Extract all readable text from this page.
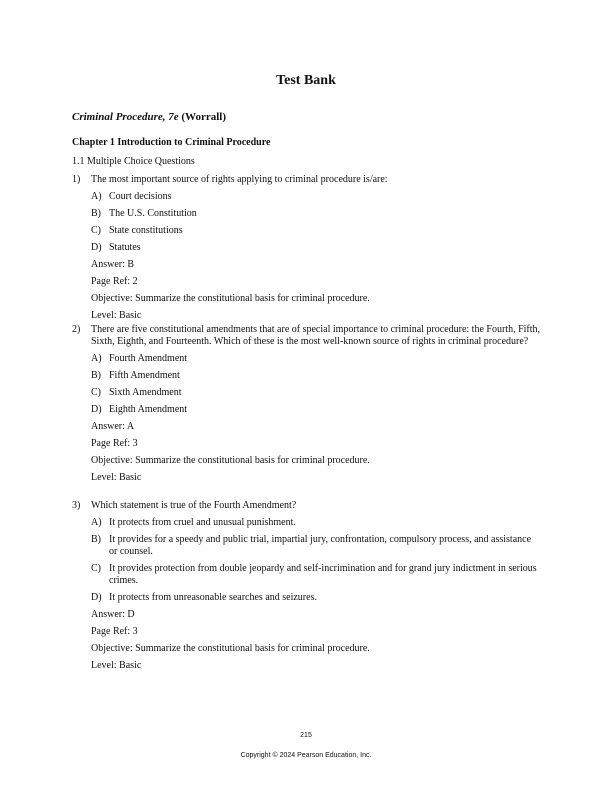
Test Bank
Criminal Procedure, 7e (Worrall)
Chapter 1 Introduction to Criminal Procedure
1.1 Multiple Choice Questions
1) The most important source of rights applying to criminal procedure is/are:
A) Court decisions
B) The U.S. Constitution
C) State constitutions
D) Statutes
Answer: B
Page Ref: 2
Objective: Summarize the constitutional basis for criminal procedure.
Level: Basic
2) There are five constitutional amendments that are of special importance to criminal procedure: the Fourth, Fifth, Sixth, Eighth, and Fourteenth. Which of these is the most well-known source of rights in criminal procedure?
A) Fourth Amendment
B) Fifth Amendment
C) Sixth Amendment
D) Eighth Amendment
Answer: A
Page Ref: 3
Objective: Summarize the constitutional basis for criminal procedure.
Level: Basic
3) Which statement is true of the Fourth Amendment?
A) It protects from cruel and unusual punishment.
B) It provides for a speedy and public trial, impartial jury, confrontation, compulsory process, and assistance or counsel.
C) It provides protection from double jeopardy and self-incrimination and for grand jury indictment in serious crimes.
D) It protects from unreasonable searches and seizures.
Answer: D
Page Ref: 3
Objective: Summarize the constitutional basis for criminal procedure.
Level: Basic
215
Copyright © 2024 Pearson Education, Inc.
